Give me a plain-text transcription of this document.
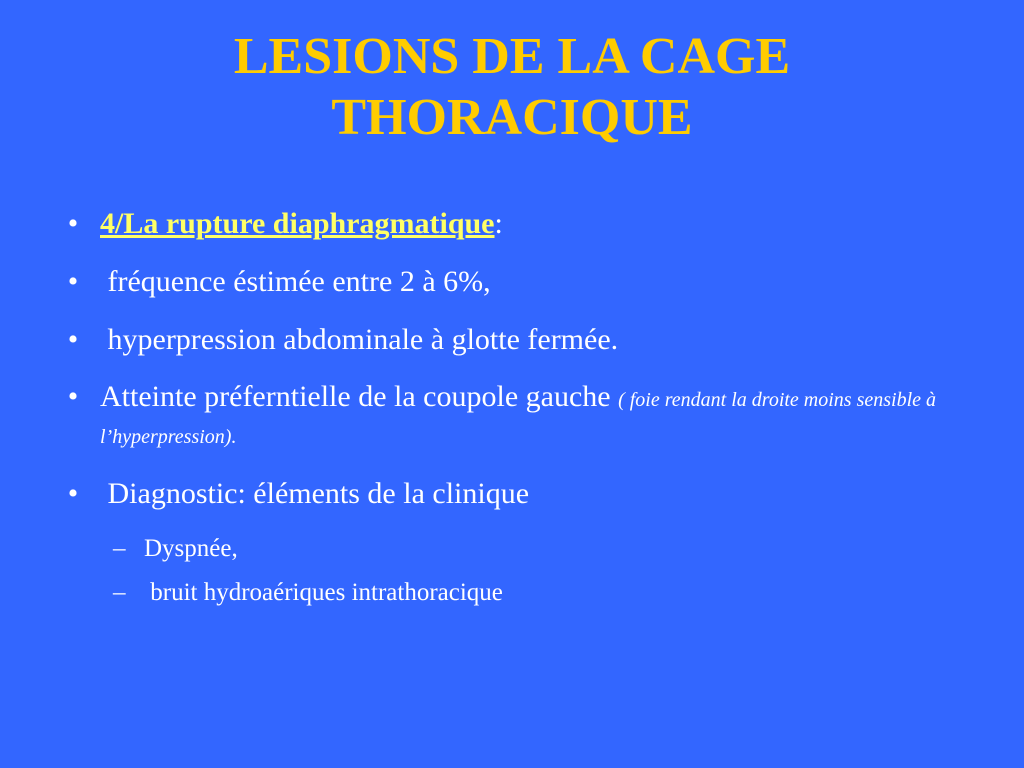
LESIONS DE LA CAGE
THORACIQUE
• 4/La rupture diaphragmatique:
• fréquence éstimée entre 2 à 6%,
• hyperpression abdominale à glotte fermée.
• Atteinte préferntielle de la coupole gauche ( foie rendant la droite moins sensible à l’hyperpression).
• Diagnostic: éléments de la clinique
– Dyspnée,
– bruit hydroaériques intrathoracique
